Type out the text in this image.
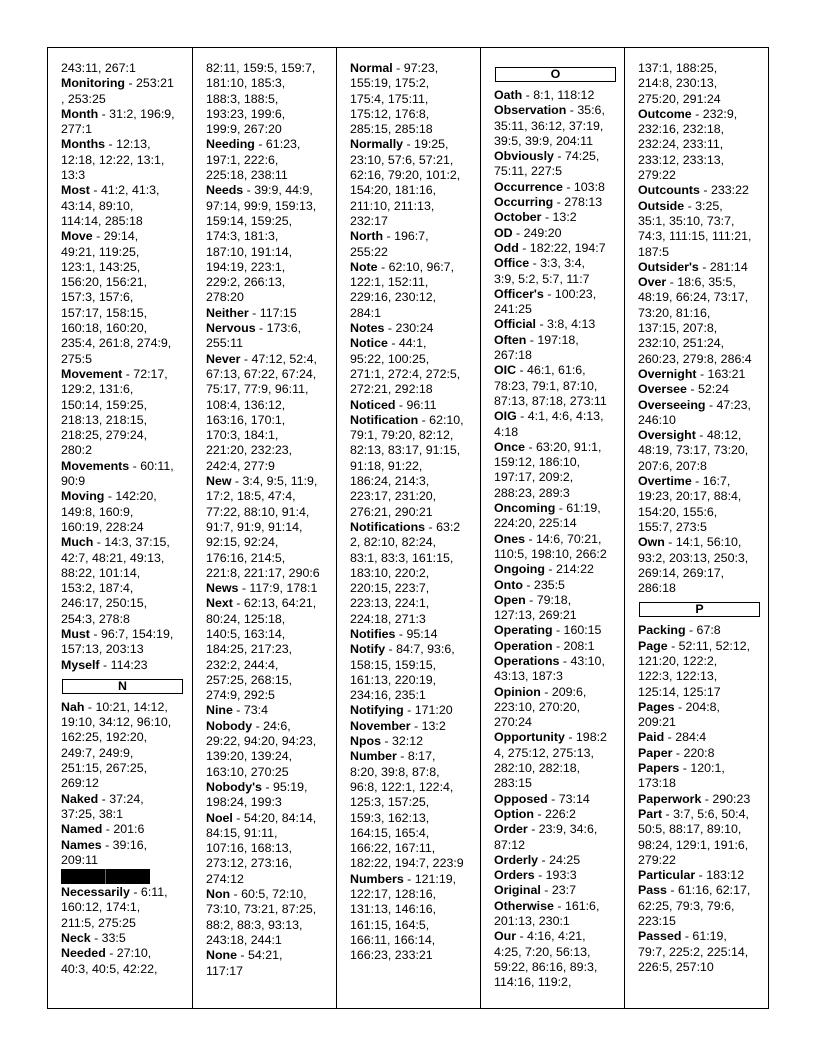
243:11, 267:1
Monitoring - 253:21
, 253:25
Month - 31:2, 196:9,
277:1
Months - 12:13,
12:18, 12:22, 13:1,
13:3
Most - 41:2, 41:3,
43:14, 89:10,
114:14, 285:18
Move - 29:14,
49:21, 119:25,
123:1, 143:25,
156:20, 156:21,
157:3, 157:6,
157:17, 158:15,
160:18, 160:20,
235:4, 261:8, 274:9,
275:5
Movement - 72:17,
129:2, 131:6,
150:14, 159:25,
218:13, 218:15,
218:25, 279:24,
280:2
Movements - 60:11,
90:9
Moving - 142:20,
149:8, 160:9,
160:19, 228:24
Much - 14:3, 37:15,
42:7, 48:21, 49:13,
88:22, 101:14,
153:2, 187:4,
246:17, 250:15,
254:3, 278:8
Must - 96:7, 154:19,
157:13, 203:13
Myself - 114:23
N
Nah - 10:21, 14:12,
19:10, 34:12, 96:10,
162:25, 192:20,
249:7, 249:9,
251:15, 267:25,
269:12
Naked - 37:24,
37:25, 38:1
Named - 201:6
Names - 39:16,
209:11
Necessarily - 6:11,
160:12, 174:1,
211:5, 275:25
Neck - 33:5
Needed - 27:10,
40:3, 40:5, 42:22,
82:11, 159:5, 159:7,
181:10, 185:3,
188:3, 188:5,
193:23, 199:6,
199:9, 267:20
Needing - 61:23,
197:1, 222:6,
225:18, 238:11
Needs - 39:9, 44:9,
97:14, 99:9, 159:13,
159:14, 159:25,
174:3, 181:3,
187:10, 191:14,
194:19, 223:1,
229:2, 266:13,
278:20
Neither - 117:15
Nervous - 173:6,
255:11
Never - 47:12, 52:4,
67:13, 67:22, 67:24,
75:17, 77:9, 96:11,
108:4, 136:12,
163:16, 170:1,
170:3, 184:1,
221:20, 232:23,
242:4, 277:9
New - 3:4, 9:5, 11:9,
17:2, 18:5, 47:4,
77:22, 88:10, 91:4,
91:7, 91:9, 91:14,
92:15, 92:24,
176:16, 214:5,
221:8, 221:17, 290:6
News - 117:9, 178:1
Next - 62:13, 64:21,
80:24, 125:18,
140:5, 163:14,
184:25, 217:23,
232:2, 244:4,
257:25, 268:15,
274:9, 292:5
Nine - 73:4
Nobody - 24:6,
29:22, 94:20, 94:23,
139:20, 139:24,
163:10, 270:25
Nobody's - 95:19,
198:24, 199:3
Noel - 54:20, 84:14,
84:15, 91:11,
107:16, 168:13,
273:12, 273:16,
274:12
Non - 60:5, 72:10,
73:10, 73:21, 87:25,
88:2, 88:3, 93:13,
243:18, 244:1
None - 54:21,
117:17
Normal - 97:23,
155:19, 175:2,
175:4, 175:11,
175:12, 176:8,
285:15, 285:18
Normally - 19:25,
23:10, 57:6, 57:21,
62:16, 79:20, 101:2,
154:20, 181:16,
211:10, 211:13,
232:17
North - 196:7,
255:22
Note - 62:10, 96:7,
122:1, 152:11,
229:16, 230:12,
284:1
Notes - 230:24
Notice - 44:1,
95:22, 100:25,
271:1, 272:4, 272:5,
272:21, 292:18
Noticed - 96:11
Notification - 62:10,
79:1, 79:20, 82:12,
82:13, 83:17, 91:15,
91:18, 91:22,
186:24, 214:3,
223:17, 231:20,
276:21, 290:21
Notifications - 63:2
2, 82:10, 82:24,
83:1, 83:3, 161:15,
183:10, 220:2,
220:15, 223:7,
223:13, 224:1,
224:18, 271:3
Notifies - 95:14
Notify - 84:7, 93:6,
158:15, 159:15,
161:13, 220:19,
234:16, 235:1
Notifying - 171:20
November - 13:2
Npos - 32:12
Number - 8:17,
8:20, 39:8, 87:8,
96:8, 122:1, 122:4,
125:3, 157:25,
159:3, 162:13,
164:15, 165:4,
166:22, 167:11,
182:22, 194:7, 223:9
Numbers - 121:19,
122:17, 128:16,
131:13, 146:16,
161:15, 164:5,
166:11, 166:14,
166:23, 233:21
O
Oath - 8:1, 118:12
Observation - 35:6,
35:11, 36:12, 37:19,
39:5, 39:9, 204:11
Obviously - 74:25,
75:11, 227:5
Occurrence - 103:8
Occurring - 278:13
October - 13:2
OD - 249:20
Odd - 182:22, 194:7
Office - 3:3, 3:4,
3:9, 5:2, 5:7, 11:7
Officer's - 100:23,
241:25
Official - 3:8, 4:13
Often - 197:18,
267:18
OIC - 46:1, 61:6,
78:23, 79:1, 87:10,
87:13, 87:18, 273:11
OIG - 4:1, 4:6, 4:13,
4:18
Once - 63:20, 91:1,
159:12, 186:10,
197:17, 209:2,
288:23, 289:3
Oncoming - 61:19,
224:20, 225:14
Ones - 14:6, 70:21,
110:5, 198:10, 266:2
Ongoing - 214:22
Onto - 235:5
Open - 79:18,
127:13, 269:21
Operating - 160:15
Operation - 208:1
Operations - 43:10,
43:13, 187:3
Opinion - 209:6,
223:10, 270:20,
270:24
Opportunity - 198:2
4, 275:12, 275:13,
282:10, 282:18,
283:15
Opposed - 73:14
Option - 226:2
Order - 23:9, 34:6,
87:12
Orderly - 24:25
Orders - 193:3
Original - 23:7
Otherwise - 161:6,
201:13, 230:1
Our - 4:16, 4:21,
4:25, 7:20, 56:13,
59:22, 86:16, 89:3,
114:16, 119:2,
137:1, 188:25,
214:8, 230:13,
275:20, 291:24
Outcome - 232:9,
232:16, 232:18,
232:24, 233:11,
233:12, 233:13,
279:22
Outcounts - 233:22
Outside - 3:25,
35:1, 35:10, 73:7,
74:3, 111:15, 111:21,
187:5
Outsider's - 281:14
Over - 18:6, 35:5,
48:19, 66:24, 73:17,
73:20, 81:16,
137:15, 207:8,
232:10, 251:24,
260:23, 279:8, 286:4
Overnight - 163:21
Oversee - 52:24
Overseeing - 47:23,
246:10
Oversight - 48:12,
48:19, 73:17, 73:20,
207:6, 207:8
Overtime - 16:7,
19:23, 20:17, 88:4,
154:20, 155:6,
155:7, 273:5
Own - 14:1, 56:10,
93:2, 203:13, 250:3,
269:14, 269:17,
286:18
P
Packing - 67:8
Page - 52:11, 52:12,
121:20, 122:2,
122:3, 122:13,
125:14, 125:17
Pages - 204:8,
209:21
Paid - 284:4
Paper - 220:8
Papers - 120:1,
173:18
Paperwork - 290:23
Part - 3:7, 5:6, 50:4,
50:5, 88:17, 89:10,
98:24, 129:1, 191:6,
279:22
Particular - 183:12
Pass - 61:16, 62:17,
62:25, 79:3, 79:6,
223:15
Passed - 61:19,
79:7, 225:2, 225:14,
226:5, 257:10
